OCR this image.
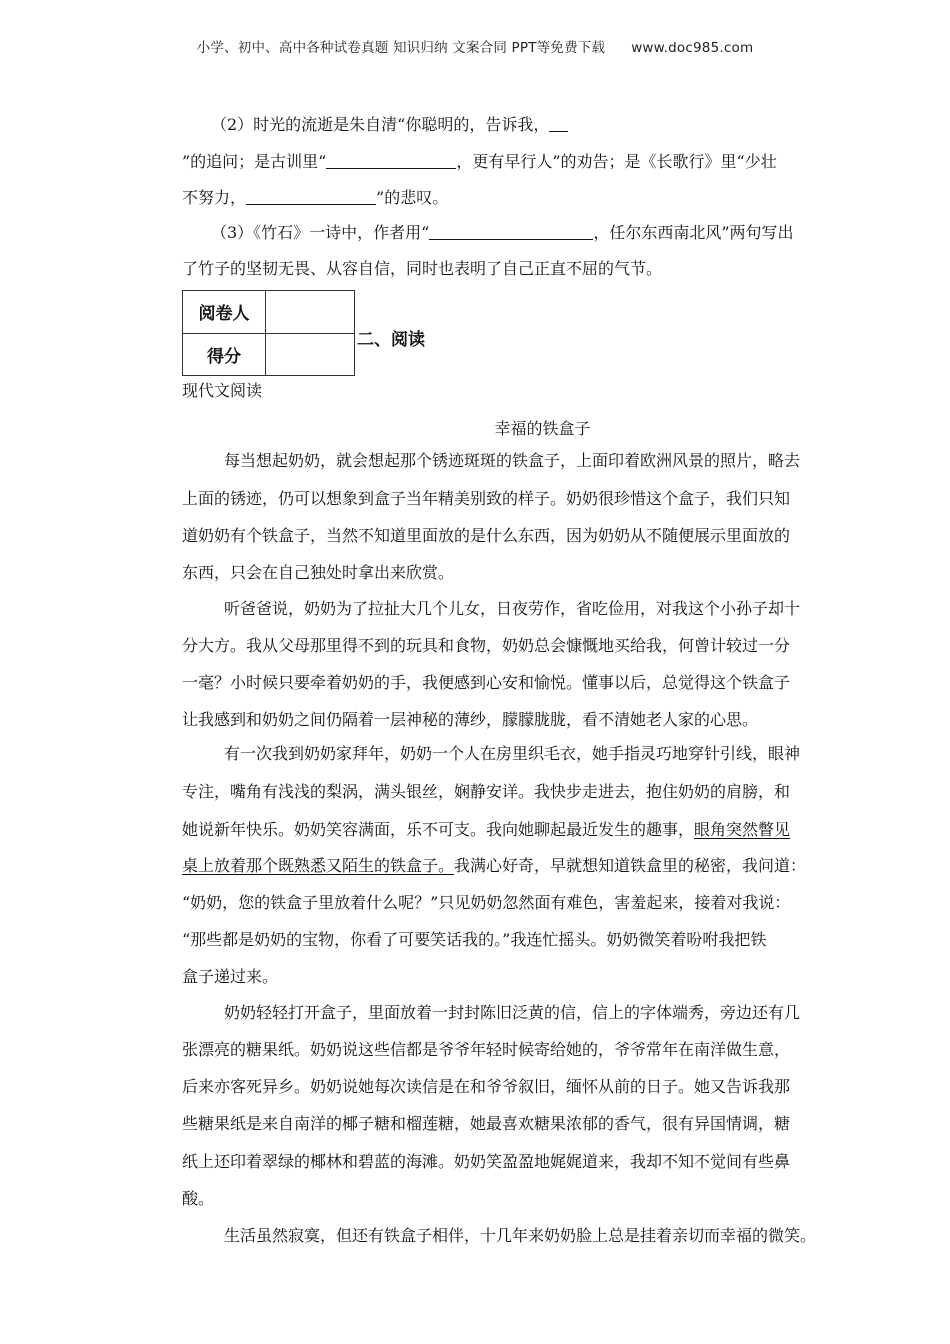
小学、初中、高中各种试卷真题 知识归纳 文案合同 PPT等免费下载 www.doc985.com
（2）时光的流逝是朱自清“你聪明的，告诉我，
”的追问；是古训里“	，更有早行人”的劝告；是《长歌行》里“少壮
不努力，	”的悲叹。
（3）《竹石》一诗中，作者用“	，任尔东西南北风”两句写出
了竹子的坚韧无畏、从容自信，同时也表明了自己正直不屈的气节。
阅卷人	
得分	
二、阅读
现代文阅读
幸福的铁盒子
每当想起奶奶，就会想起那个锈迹斑斑的铁盒子，上面印着欧洲风景的照片，略去
上面的锈迹，仍可以想象到盒子当年精美别致的样子。奶奶很珍惜这个盒子，我们只知
道奶奶有个铁盒子，当然不知道里面放的是什么东西，因为奶奶从不随便展示里面放的
东西，只会在自己独处时拿出来欣赏。
听爸爸说，奶奶为了拉扯大几个儿女，日夜劳作，省吃俭用，对我这个小孙子却十
分大方。我从父母那里得不到的玩具和食物，奶奶总会慷慨地买给我，何曾计较过一分
一毫？小时候只要牵着奶奶的手，我便感到心安和愉悦。懂事以后，总觉得这个铁盒子
让我感到和奶奶之间仍隔着一层神秘的薄纱，朦朦胧胧，看不清她老人家的心思。
有一次我到奶奶家拜年，奶奶一个人在房里织毛衣，她手指灵巧地穿针引线，眼神
专注，嘴角有浅浅的梨涡，满头银丝，娴静安详。我快步走进去，抱住奶奶的肩膀，和
她说新年快乐。奶奶笑容满面，乐不可支。我向她聊起最近发生的趣事，眼角突然瞥见
桌上放着那个既熟悉又陌生的铁盒子。我满心好奇，早就想知道铁盒里的秘密，我问道：
“奶奶，您的铁盒子里放着什么呢？”只见奶奶忽然面有难色，害羞起来，接着对我说：
“那些都是奶奶的宝物，你看了可要笑话我的。”我连忙摇头。奶奶微笑着吩咐我把铁
盒子递过来。
奶奶轻轻打开盒子，里面放着一封封陈旧泛黄的信，信上的字体端秀，旁边还有几
张漂亮的糖果纸。奶奶说这些信都是爷爷年轻时候寄给她的，爷爷常年在南洋做生意，
后来亦客死异乡。奶奶说她每次读信是在和爷爷叙旧，缅怀从前的日子。她又告诉我那
些糖果纸是来自南洋的椰子糖和榴莲糖，她最喜欢糖果浓郁的香气，很有异国情调，糖
纸上还印着翠绿的椰林和碧蓝的海滩。奶奶笑盈盈地娓娓道来，我却不知不觉间有些鼻
酸。
生活虽然寂寞，但还有铁盒子相伴，十几年来奶奶脸上总是挂着亲切而幸福的微笑。
